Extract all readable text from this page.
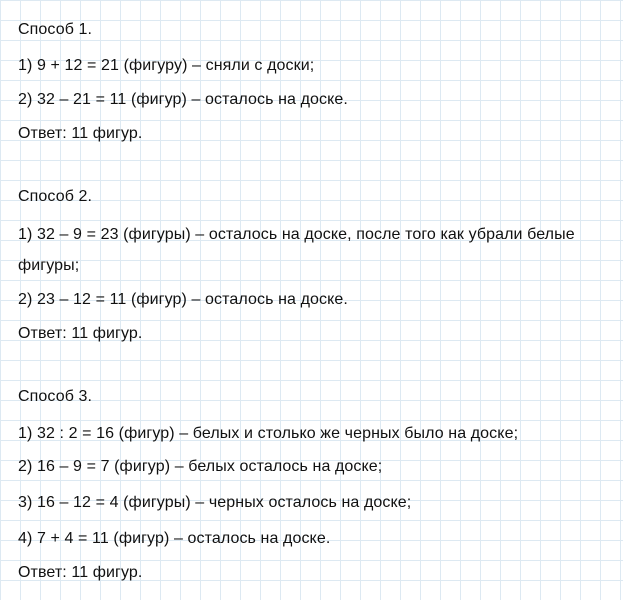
Способ 1.
1) 9 + 12 = 21 (фигуру) – сняли с доски;
2) 32 – 21 = 11 (фигур) – осталось на доске.
Ответ: 11 фигур.
Способ 2.
1) 32 – 9 = 23 (фигуры) – осталось на доске, после того как убрали белые
фигуры;
2) 23 – 12 = 11 (фигур) – осталось на доске.
Ответ: 11 фигур.
Способ 3.
1) 32 : 2 = 16 (фигур) – белых и столько же черных было на доске;
2) 16 – 9 = 7 (фигур) – белых осталось на доске;
3) 16 – 12 = 4 (фигуры) – черных осталось на доске;
4) 7 + 4 = 11 (фигур) – осталось на доске.
Ответ: 11 фигур.
